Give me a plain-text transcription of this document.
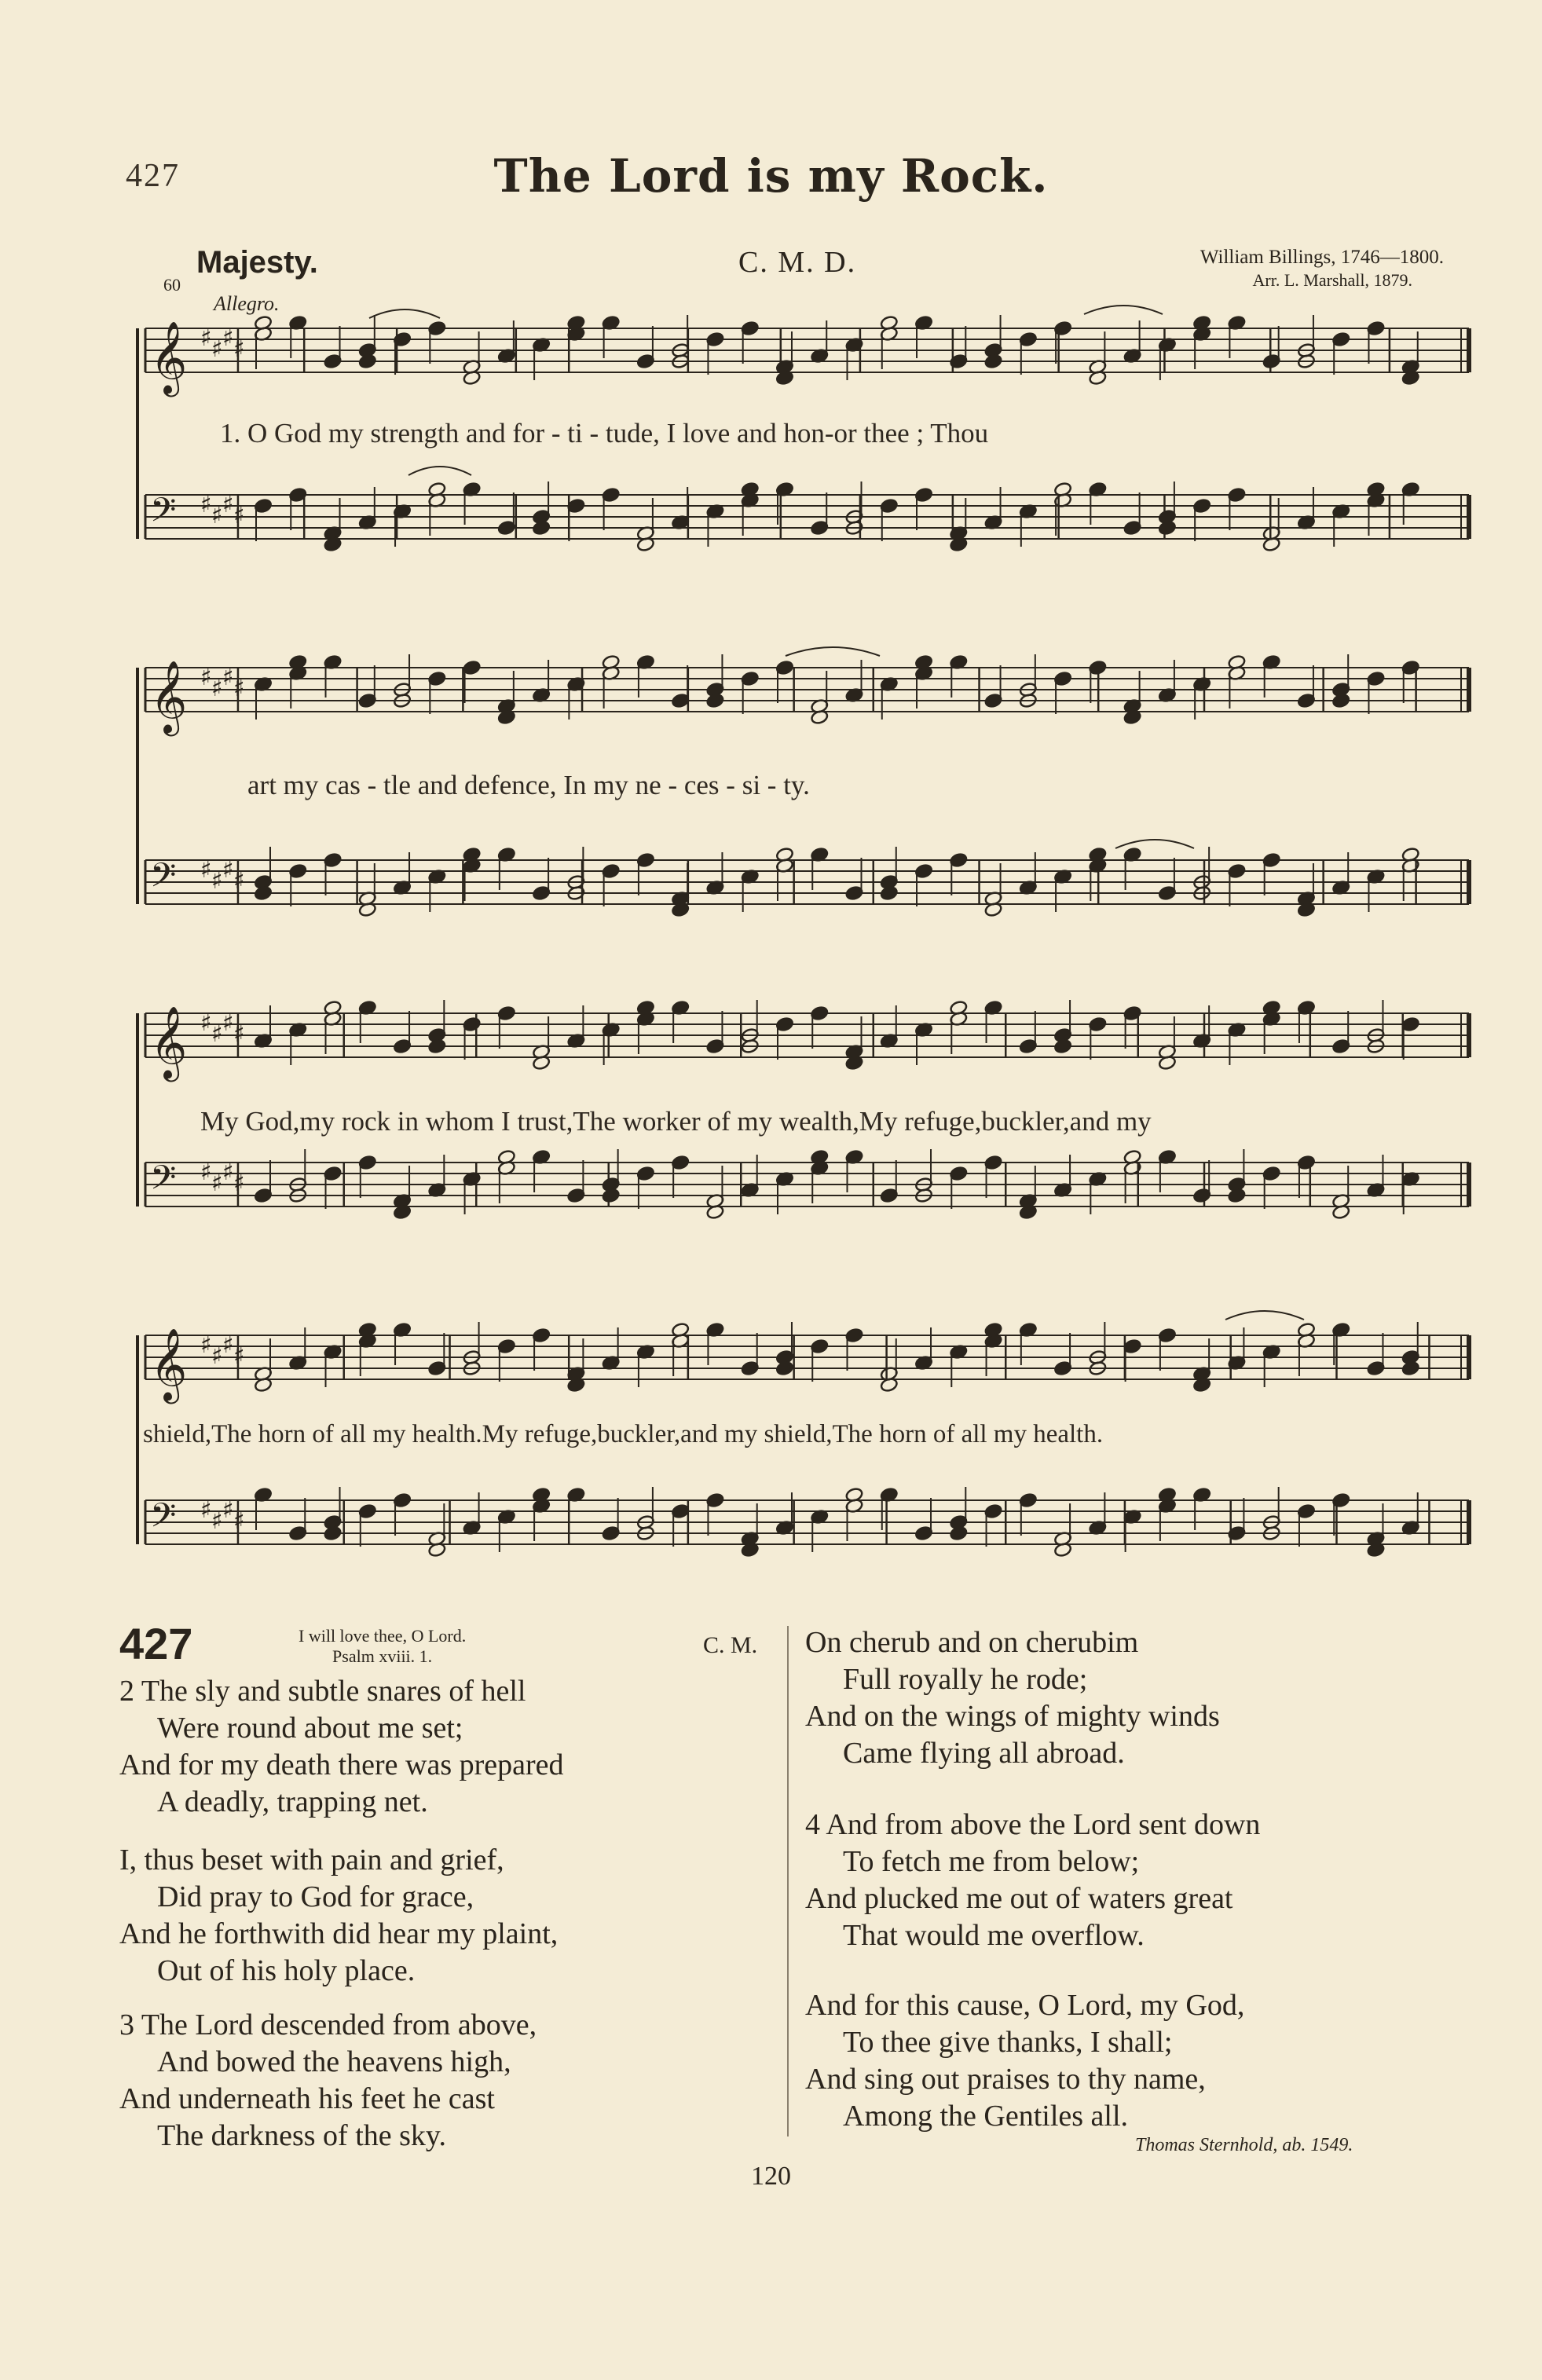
427	The Lord is my Rock.
Majesty.
60
C. M. D.	William Billings, 1746—1800.
Arr. L. Marshall, 1879.
Allegro.
𝄞 ♯ ♯ ♯ ♯
𝄢 ♯ ♯ ♯ ♯
𝄞 ♯ ♯ ♯ ♯
𝄢 ♯ ♯ ♯ ♯
𝄞 ♯ ♯ ♯ ♯
𝄢 ♯ ♯ ♯ ♯
𝄞 ♯ ♯ ♯ ♯
𝄢 ♯ ♯ ♯ ♯
1. O God my strength and for - ti - tude, I love and hon-or thee ; Thou
art my cas - tle and defence, In my ne - ces - si - ty.
My God,my rock in whom I trust,The worker of my wealth,My refuge,buckler,and my
shield,The horn of all my health.My refuge,buckler,and my shield,The horn of all my health.
427	I will love thee, O Lord.
Psalm xviii. 1.	C. M.
2 The sly and subtle snares of hell
Were round about me set;
And for my death there was prepared
A deadly, trapping net.
I, thus beset with pain and grief,
Did pray to God for grace,
And he forthwith did hear my plaint,
Out of his holy place.
3 The Lord descended from above,
And bowed the heavens high,
And underneath his feet he cast
The darkness of the sky.
On cherub and on cherubim
Full royally he rode;
And on the wings of mighty winds
Came flying all abroad.
4 And from above the Lord sent down
To fetch me from below;
And plucked me out of waters great
That would me overflow.
And for this cause, O Lord, my God,
To thee give thanks, I shall;
And sing out praises to thy name,
Among the Gentiles all.
Thomas Sternhold, ab. 1549.
120
